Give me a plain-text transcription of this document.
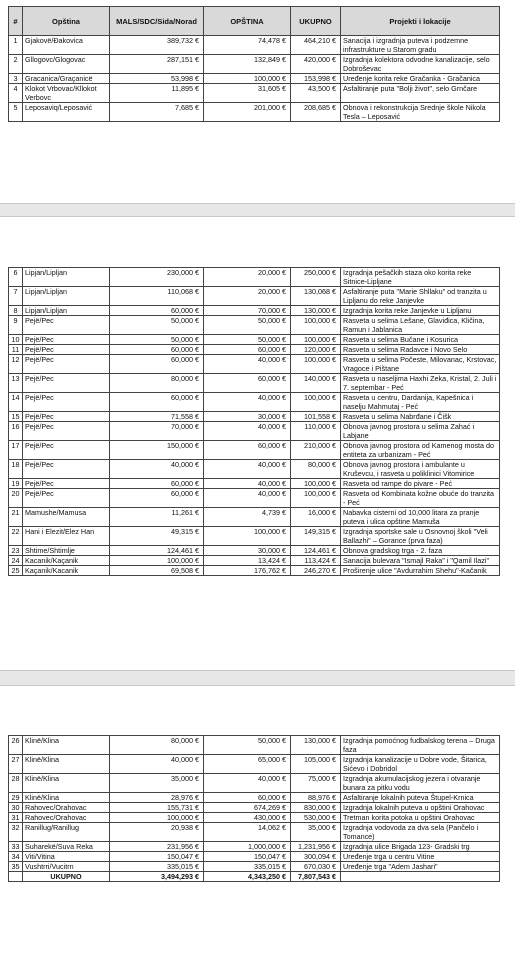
#	Opština	MALS/SDC/Sida/Norad	OPŠTINA	UKUPNO	Projekti i lokacije
1	Gjakovë/Đakovica	389,732 €	74,478 €	464,210 €	Sanacija i izgradnja puteva i podzemne infrastrukture u Starom gradu
2	Gllogovc/Glogovac	287,151 €	132,849 €	420,000 €	Izgradnja kolektora odvodne kanalizacije, selo Dobroševac
3	Gracanica/Graçanicë	53,998 €	100,000 €	153,998 €	Uređenje korita reke Gračanka - Gračanica
4	Klokot Vrbovac/Kllokot Verbovc	11,895 €	31,605 €	43,500 €	Asfaltiranje puta "Bolji život", selo Grnčare
5	Leposaviq/Leposavić	7,685 €	201,000 €	208,685 €	Obnova i rekonstrukcija Srednje škole Nikola Tesla – Leposavić
6	Lipjan/Lipljan	230,000 €	20,000 €	250,000 €	Izgradnja pešačkih staza oko korita reke Sitnice-Lipljane
7	Lipjan/Lipljan	110,068 €	20,000 €	130,068 €	Asfaltiranje puta "Marie Shllaku" od tranzita u Lipljanu do reke Janjevke
8	Lipjan/Lipljan	60,000 €	70,000 €	130,000 €	Izgradnja korita reke Janjevke u Lipljanu
9	Pejë/Pec	50,000 €	50,000 €	100,000 €	Rasveta u selima Lešane, Glaviđica, Kličina, Ramun i Jablanica
10	Pejë/Pec	50,000 €	50,000 €	100,000 €	Rasveta u selima Bučane i Kosurica
11	Pejë/Pec	60,000 €	60,000 €	120,000 €	Rasveta u selima Radavce i Novo Selo
12	Pejë/Pec	60,000 €	40,000 €	100,000 €	Rasveta u selima Počeste, Milovanac, Krstovac, Vragoce i Pištane
13	Pejë/Pec	80,000 €	60,000 €	140,000 €	Rasveta u naseljima Haxhi Zeka, Kristal, 2. Juli i 7. septembar - Peć
14	Pejë/Pec	60,000 €	40,000 €	100,000 €	Rasveta u centru, Dardanija, Kapešnica i naselju Mahmutaj - Peć
15	Pejë/Pec	71,558 €	30,000 €	101,558 €	Rasveta u selima Nabrđane i Čišk
16	Pejë/Pec	70,000 €	40,000 €	110,000 €	Obnova javnog prostora u selima Zahać i Labjane
17	Pejë/Pec	150,000 €	60,000 €	210,000 €	Obnova javnog prostora od Kamenog mosta do entiteta za urbanizam - Peć
18	Pejë/Pec	40,000 €	40,000 €	80,000 €	Obnova javnog prostora i ambulante u Kruševcu, i rasveta u poliklinici Vitomirice
19	Pejë/Pec	60,000 €	40,000 €	100,000 €	Rasveta od rampe do pivare - Peć
20	Pejë/Pec	60,000 €	40,000 €	100,000 €	Rasveta od Kombinata kožne obuće do tranzita - Peć
21	Mamushe/Mamusa	11,261 €	4,739 €	16,000 €	Nabavka cisterni od 10,000 litara za pranje puteva i ulica opštine Mamuša
22	Hani i Elezit/Elez Han	49,315 €	100,000 €	149,315 €	Izgradnja sportske sale u Osnovnoj školi "Veli Ballazhi" – Gorance (prva faza)
23	Shtime/Shtimlje	124,461 €	30,000 €	124,461 €	Obnova gradskog trga - 2. faza
24	Kacanik/Kaçanik	100,000 €	13,424 €	113,424 €	Sanacija bulevara "Ismajl Raka" i "Qamil Ilazi"
25	Kaçanik/Kacanik	69,508 €	176,762 €	246,270 €	Proširenje ulice "Avdurrahim Shehu"-Kačanik
26	Klinë/Klina	80,000 €	50,000 €	130,000 €	Izgradnja pomoćnog fudbalskog terena – Druga faza
27	Klinë/Klina	40,000 €	65,000 €	105,000 €	Izgradnja kanalizacije u Dobre vode, Šitarica, Sićevo i Dobridol
28	Klinë/Klina	35,000 €	40,000 €	75,000 €	Izgradnja akumulacijskog jezera i otvaranje bunara za pitku vodu
29	Klinë/Klina	28,976 €	60,000 €	88,976 €	Asfaltiranje lokalnih puteva Štupel-Krnica
30	Rahovec/Orahovac	155,731 €	674,269 €	830,000 €	Izgradnja lokalnih puteva u opštini Orahovac
31	Rahovec/Orahovac	100,000 €	430,000 €	530,000 €	Tretman korita potoka u opštini Orahovac
32	Ranillug/Ranillug	20,938 €	14,062 €	35,000 €	Izgradnja vodovoda za dva sela (Pančelo i Tomance)
33	Suharekë/Suva Reka	231,956 €	1,000,000 €	1,231,956 €	Izgradnja ulice Brigada 123- Gradski trg
34	Viti/Vitina	150,047 €	150,047 €	300,094 €	Uređenje trga u centru Vitine
35	Vushtrri/Vucitrn	335,015 €	335,015 €	670,030 €	Uređenje trga "Adem Jashari"
	UKUPNO	3,494,293 €	4,343,250 €	7,807,543 €	
